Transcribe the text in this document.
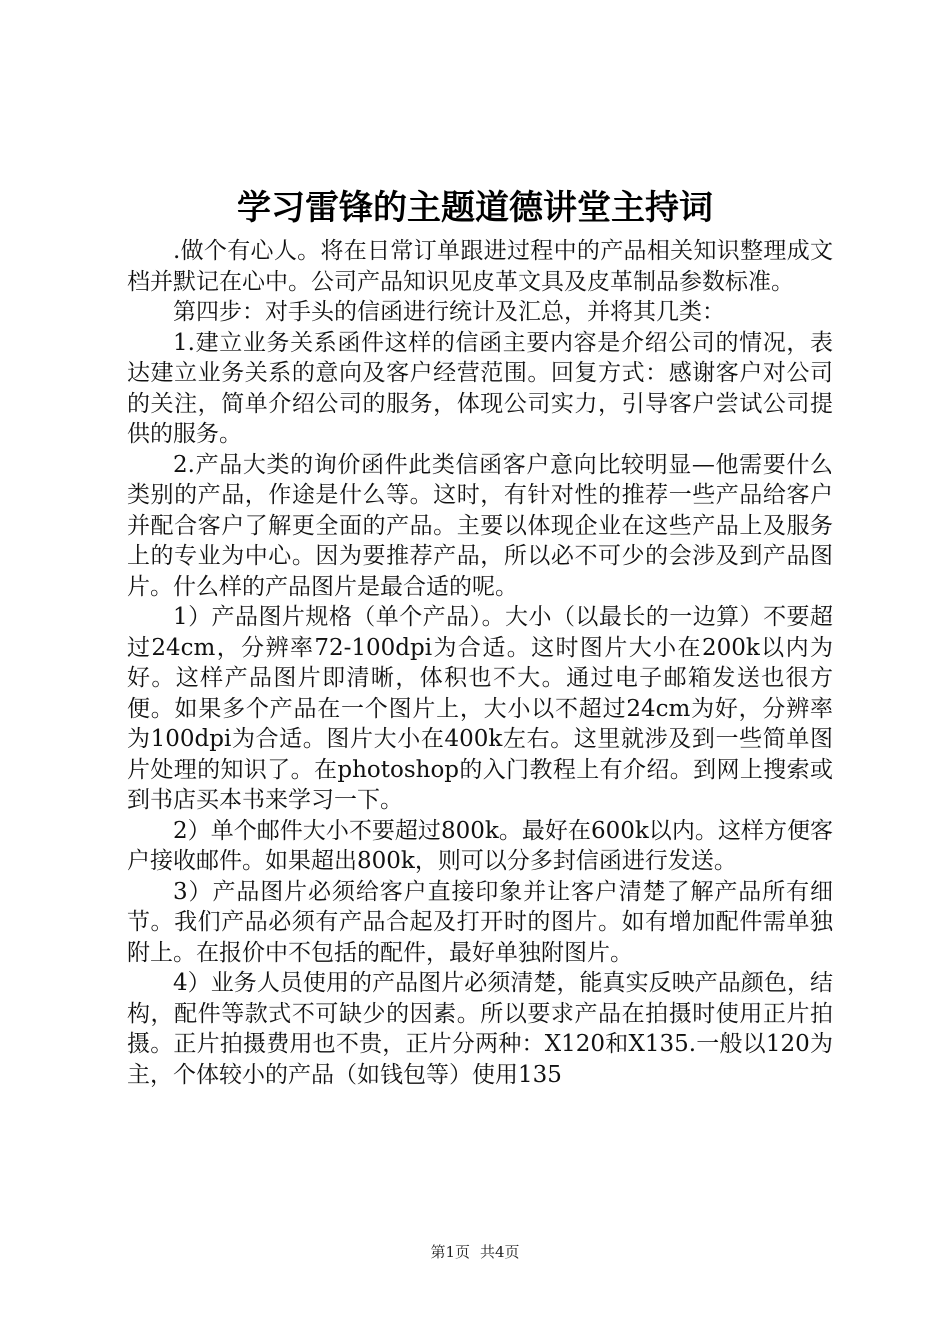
学习雷锋的主题道德讲堂主持词

.做个有心人。将在日常订单跟进过程中的产品相关知识整理成文档并默记在心中。公司产品知识见皮革文具及皮革制品参数标准。

第四步：对手头的信函进行统计及汇总，并将其几类：

1.建立业务关系函件这样的信函主要内容是介绍公司的情况，表达建立业务关系的意向及客户经营范围。回复方式：感谢客户对公司的关注，简单介绍公司的服务，体现公司实力，引导客户尝试公司提供的服务。

2.产品大类的询价函件此类信函客户意向比较明显—他需要什么类别的产品，作途是什么等。这时，有针对性的推荐一些产品给客户并配合客户了解更全面的产品。主要以体现企业在这些产品上及服务上的专业为中心。因为要推荐产品，所以必不可少的会涉及到产品图片。什么样的产品图片是最合适的呢。

1）产品图片规格（单个产品）。大小（以最长的一边算）不要超过24cm，分辨率72-100dpi为合适。这时图片大小在200k以内为好。这样产品图片即清晰，体积也不大。通过电子邮箱发送也很方便。如果多个产品在一个图片上，大小以不超过24cm为好，分辨率为100dpi为合适。图片大小在400k左右。这里就涉及到一些简单图片处理的知识了。在photoshop的入门教程上有介绍。到网上搜索或到书店买本书来学习一下。

2）单个邮件大小不要超过800k。最好在600k以内。这样方便客户接收邮件。如果超出800k，则可以分多封信函进行发送。

3）产品图片必须给客户直接印象并让客户清楚了解产品所有细节。我们产品必须有产品合起及打开时的图片。如有增加配件需单独附上。在报价中不包括的配件，最好单独附图片。

4）业务人员使用的产品图片必须清楚，能真实反映产品颜色，结构，配件等款式不可缺少的因素。所以要求产品在拍摄时使用正片拍摄。正片拍摄费用也不贵，正片分两种：X120和X135.一般以120为主，个体较小的产品（如钱包等）使用135

第1页 共4页
